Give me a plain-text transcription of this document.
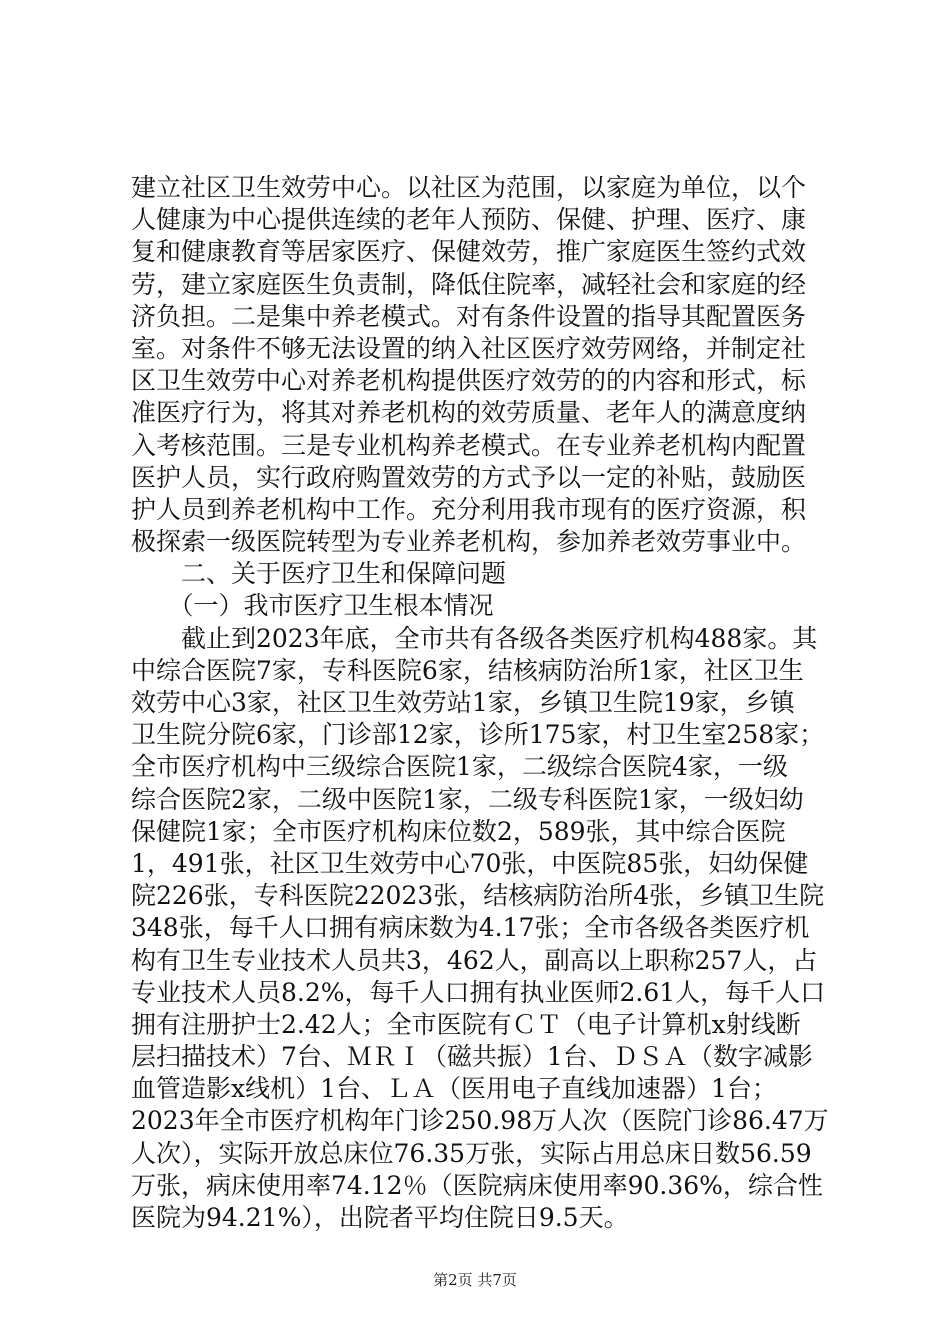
建立社区卫生效劳中心。以社区为范围，以家庭为单位，以个
人健康为中心提供连续的老年人预防、保健、护理、医疗、康
复和健康教育等居家医疗、保健效劳，推广家庭医生签约式效
劳，建立家庭医生负责制，降低住院率，减轻社会和家庭的经
济负担。二是集中养老模式。对有条件设置的指导其配置医务
室。对条件不够无法设置的纳入社区医疗效劳网络，并制定社
区卫生效劳中心对养老机构提供医疗效劳的的内容和形式，标
准医疗行为，将其对养老机构的效劳质量、老年人的满意度纳
入考核范围。三是专业机构养老模式。在专业养老机构内配置
医护人员，实行政府购置效劳的方式予以一定的补贴，鼓励医
护人员到养老机构中工作。充分利用我市现有的医疗资源，积
极探索一级医院转型为专业养老机构，参加养老效劳事业中。
　　二、关于医疗卫生和保障问题
　　（一）我市医疗卫生根本情况
　　截止到2023年底，全市共有各级各类医疗机构488家。其
中综合医院7家，专科医院6家，结核病防治所1家，社区卫生
效劳中心3家，社区卫生效劳站1家，乡镇卫生院19家，乡镇
卫生院分院6家，门诊部12家，诊所175家，村卫生室258家；
全市医疗机构中三级综合医院1家，二级综合医院4家，一级
综合医院2家，二级中医院1家，二级专科医院1家，一级妇幼
保健院1家；全市医疗机构床位数2，589张，其中综合医院
1，491张，社区卫生效劳中心70张，中医院85张，妇幼保健
院226张，专科医院22023张，结核病防治所4张，乡镇卫生院
348张，每千人口拥有病床数为4.17张；全市各级各类医疗机
构有卫生专业技术人员共3，462人，副高以上职称257人，占
专业技术人员8.2%，每千人口拥有执业医师2.61人，每千人口
拥有注册护士2.42人；全市医院有ＣＴ（电子计算机x射线断
层扫描技术）7台、ＭＲＩ（磁共振）1台、ＤＳＡ（数字减影
血管造影x线机）1台、ＬＡ（医用电子直线加速器）1台；
2023年全市医疗机构年门诊250.98万人次（医院门诊86.47万
人次），实际开放总床位76.35万张，实际占用总床日数56.59
万张，病床使用率74.12％（医院病床使用率90.36%，综合性
医院为94.21%），出院者平均住院日9.5天。
第2页 共7页
